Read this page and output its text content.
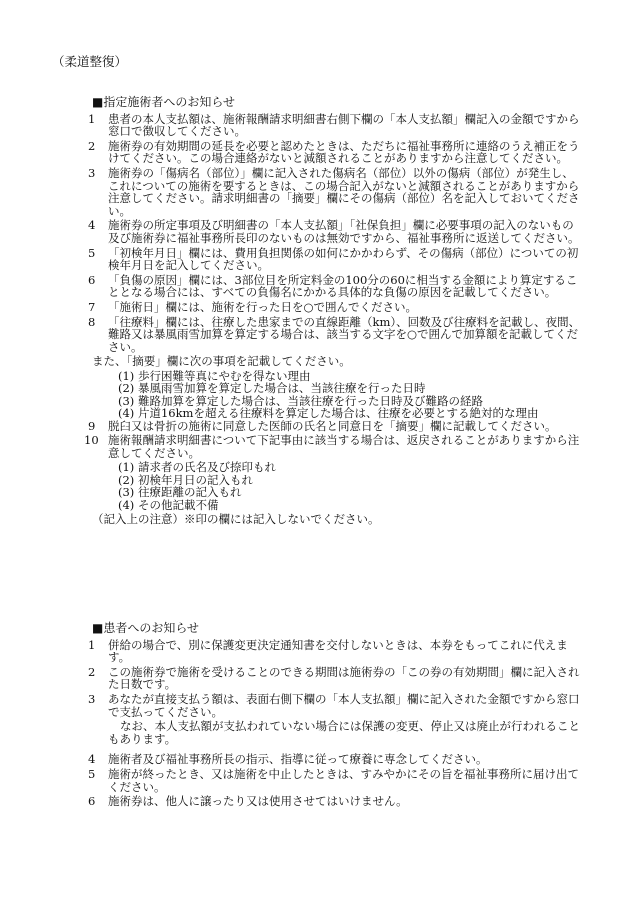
（柔道整復）
■指定施術者へのお知らせ
1 患者の本人支払額は、施術報酬請求明細書右側下欄の「本人支払額」欄記入の金額ですから窓口で徴収してください。
2 施術券の有効期間の延長を必要と認めたときは、ただちに福祉事務所に連絡のうえ補正をうけてください。この場合連絡がないと減額されることがありますから注意してください。
3 施術券の「傷病名（部位）」欄に記入された傷病名（部位）以外の傷病（部位）が発生し、これについての施術を要するときは、この場合記入がないと減額されることがありますから注意してください。請求明細書の「摘要」欄にその傷病（部位）名を記入しておいてください。
4 施術券の所定事項及び明細書の「本人支払額」「社保負担」欄に必要事項の記入のないもの及び施術券に福祉事務所長印のないものは無効ですから、福祉事務所に返送してください。
5 「初検年月日」欄には、費用負担関係の如何にかかわらず、その傷病（部位）についての初検年月日を記入してください。
6 「負傷の原因」欄には、3部位目を所定料金の100分の60に相当する金額により算定することとなる場合には、すべての負傷名にかかる具体的な負傷の原因を記載してください。
7 「施術日」欄には、施術を行った日を○で囲んでください。
8 「往療料」欄には、往療した患家までの直線距離（km）、回数及び往療料を記載し、夜間、難路又は暴風雨雪加算を算定する場合は、該当する文字を○で囲んで加算額を記載してください。
また、「摘要」欄に次の事項を記載してください。
(1) 歩行困難等真にやむを得ない理由
(2) 暴風雨雪加算を算定した場合は、当該往療を行った日時
(3) 難路加算を算定した場合は、当該往療を行った日時及び難路の経路
(4) 片道16kmを超える往療料を算定した場合は、往療を必要とする絶対的な理由
9 脱臼又は骨折の施術に同意した医師の氏名と同意日を「摘要」欄に記載してください。
10 施術報酬請求明細書について下記事由に該当する場合は、返戻されることがありますから注意してください。
(1) 請求者の氏名及び捺印もれ
(2) 初検年月日の記入もれ
(3) 往療距離の記入もれ
(4) その他記載不備
（記入上の注意）※印の欄には記入しないでください。
■患者へのお知らせ
1 併給の場合で、別に保護変更決定通知書を交付しないときは、本券をもってこれに代えます。
2 この施術券で施術を受けることのできる期間は施術券の「この券の有効期間」欄に記入された日数です。
3 あなたが直接支払う額は、表面右側下欄の「本人支払額」欄に記入された金額ですから窓口で支払ってください。
なお、本人支払額が支払われていない場合には保護の変更、停止又は廃止が行われることもあります。
4 施術者及び福祉事務所長の指示、指導に従って療養に専念してください。
5 施術が終ったとき、又は施術を中止したときは、すみやかにその旨を福祉事務所に届け出てください。
6 施術券は、他人に譲ったり又は使用させてはいけません。
